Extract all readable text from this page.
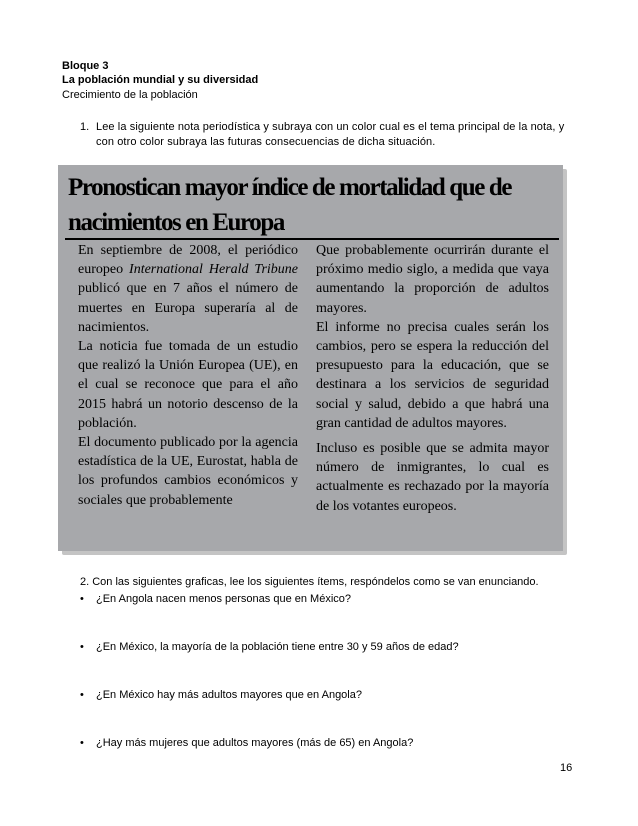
Bloque 3
La población mundial y su diversidad
Crecimiento de la población
1. Lee la siguiente nota periodística y subraya con un color cual es el tema principal de la nota, y
con otro color subraya las futuras consecuencias de dicha situación.
Pronostican mayor índice de mortalidad que de
nacimientos en Europa

En septiembre de 2008, el periódico europeo International Herald Tribune publicó que en 7 años el número de muertes en Europa superaría al de nacimientos.

La noticia fue tomada de un estudio que realizó la Unión Europea (UE), en el cual se reconoce que para el año 2015 habrá un notorio descenso de la población.

El documento publicado por la agencia estadística de la UE, Eurostat, habla de los profundos cambios económicos y sociales que probablemente

Que probablemente ocurrirán durante el próximo medio siglo, a medida que vaya aumentando la proporción de adultos mayores.

El informe no precisa cuales serán los cambios, pero se espera la reducción del presupuesto para la educación, que se destinara a los servicios de seguridad social y salud, debido a que habrá una gran cantidad de adultos mayores.

Incluso es posible que se admita mayor número de inmigrantes, lo cual es actualmente es rechazado por la mayoría de los votantes europeos.

2. Con las siguientes graficas, lee los siguientes ítems, respóndelos como se van enunciando.
•	¿En Angola nacen menos personas que en México?
•	¿En México, la mayoría de la población tiene entre 30 y 59 años de edad?
•	¿En México hay más adultos mayores que en Angola?
•	¿Hay más mujeres que adultos mayores (más de 65) en Angola?
16
